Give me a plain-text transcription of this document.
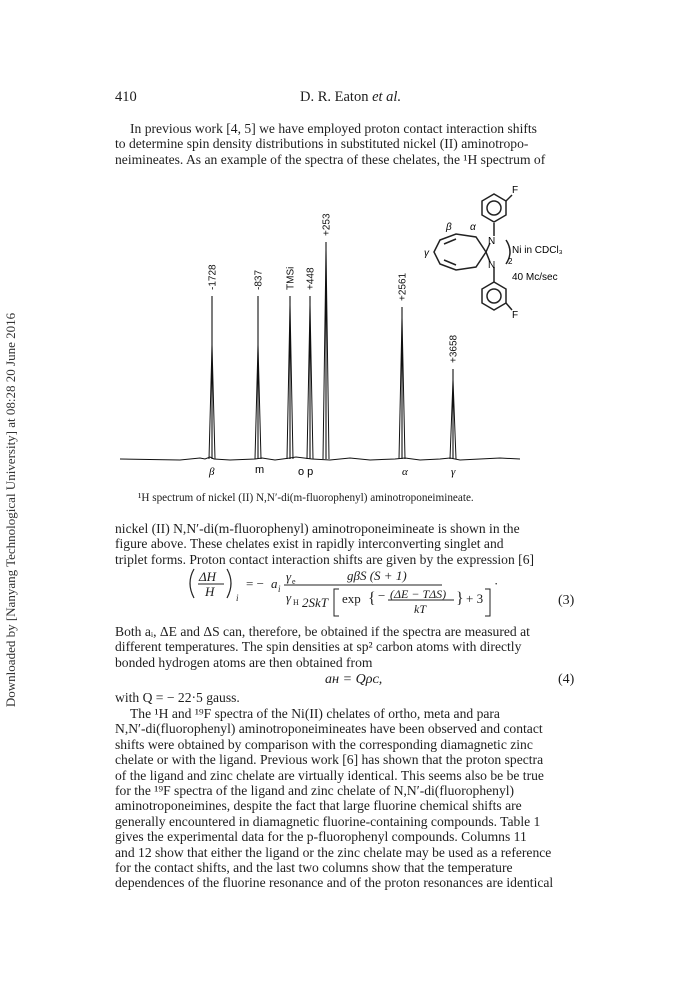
Downloaded by [Nanyang Technological University] at 08:28 20 June 2016
410	D. R. Eaton et al.
In previous work [4, 5] we have employed proton contact interaction shifts
to determine spin density distributions in substituted nickel (II) aminotropo-
neimineates. As an example of the spectra of these chelates, the ¹H spectrum of
F
F
N
N 2
Ni in CDCl₃
40 Mc/sec
β α
γ
-1728	-837 TMSi +448
+253
+2561
+3658
β	m	o p	α	γ
¹H spectrum of nickel (II) N,N′-di(m-fluorophenyl) aminotroponeimineate.
nickel (II) N,N′-di(m-fluorophenyl) aminotroponeimineate is shown in the
figure above. These chelates exist in rapidly interconverting singlet and
triplet forms. Proton contact interaction shifts are given by the expression [6]
ΔH
H i
= − a i
γ e	gβS (S + 1)
γ H 2SkT exp { − (ΔE − TΔS)
kT
} + 3
·
(3)
Both aᵢ, ΔE and ΔS can, therefore, be obtained if the spectra are measured at
different temperatures. The spin densities at sp² carbon atoms with directly
bonded hydrogen atoms are then obtained from
aʜ = Qρᴄ,	(4)
with Q = − 22·5 gauss.
The ¹H and ¹⁹F spectra of the Ni(II) chelates of ortho, meta and para
N,N′-di(fluorophenyl) aminotroponeimineates have been observed and contact
shifts were obtained by comparison with the corresponding diamagnetic zinc
chelate or with the ligand. Previous work [6] has shown that the proton spectra
of the ligand and zinc chelate are virtually identical. This seems also be be true
for the ¹⁹F spectra of the ligand and zinc chelate of N,N′-di(fluorophenyl)
aminotroponeimines, despite the fact that large fluorine chemical shifts are
generally encountered in diamagnetic fluorine-containing compounds. Table 1
gives the experimental data for the p-fluorophenyl compounds. Columns 11
and 12 show that either the ligand or the zinc chelate may be used as a reference
for the contact shifts, and the last two columns show that the temperature
dependences of the fluorine resonance and of the proton resonances are identical
